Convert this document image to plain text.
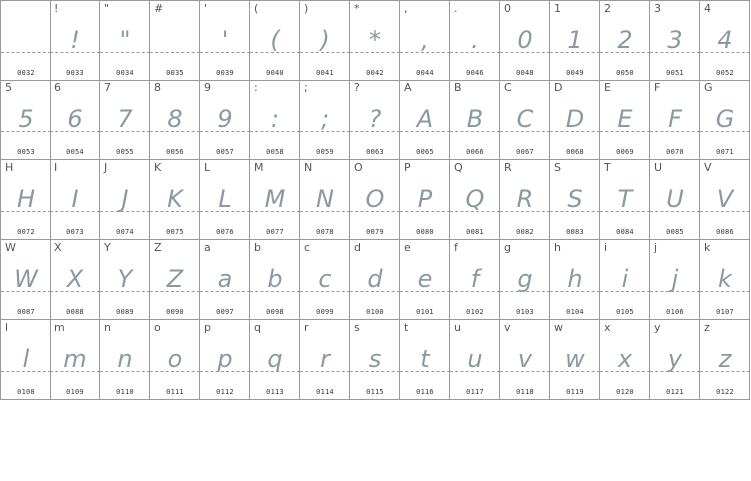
0032
!
!
0033
"
"
0034
#
0035
'
'
0039
(
(
0040
)
)
0041
*
*
0042
,
,
0044
.
.
0046
0
0
0048
1
1
0049
2
2
0050
3
3
0051
4
4
0052
5
5
0053
6
6
0054
7
7
0055
8
8
0056
9
9
0057
:
:
0058
;
;
0059
?
?
0063
A
A
0065
B
B
0066
C
C
0067
D
D
0068
E
E
0069
F
F
0070
G
G
0071
H
H
0072
I
I
0073
J
J
0074
K
K
0075
L
L
0076
M
M
0077
N
N
0078
O
O
0079
P
P
0080
Q
Q
0081
R
R
0082
S
S
0083
T
T
0084
U
U
0085
V
V
0086
W
W
0087
X
X
0088
Y
Y
0089
Z
Z
0090
a
a
0097
b
b
0098
c
c
0099
d
d
0100
e
e
0101
f
f
0102
g
g
0103
h
h
0104
i
i
0105
j
j
0106
k
k
0107
l
l
0108
m
m
0109
n
n
0110
o
o
0111
p
p
0112
q
q
0113
r
r
0114
s
s
0115
t
t
0116
u
u
0117
v
v
0118
w
w
0119
x
x
0120
y
y
0121
z
z
0122
